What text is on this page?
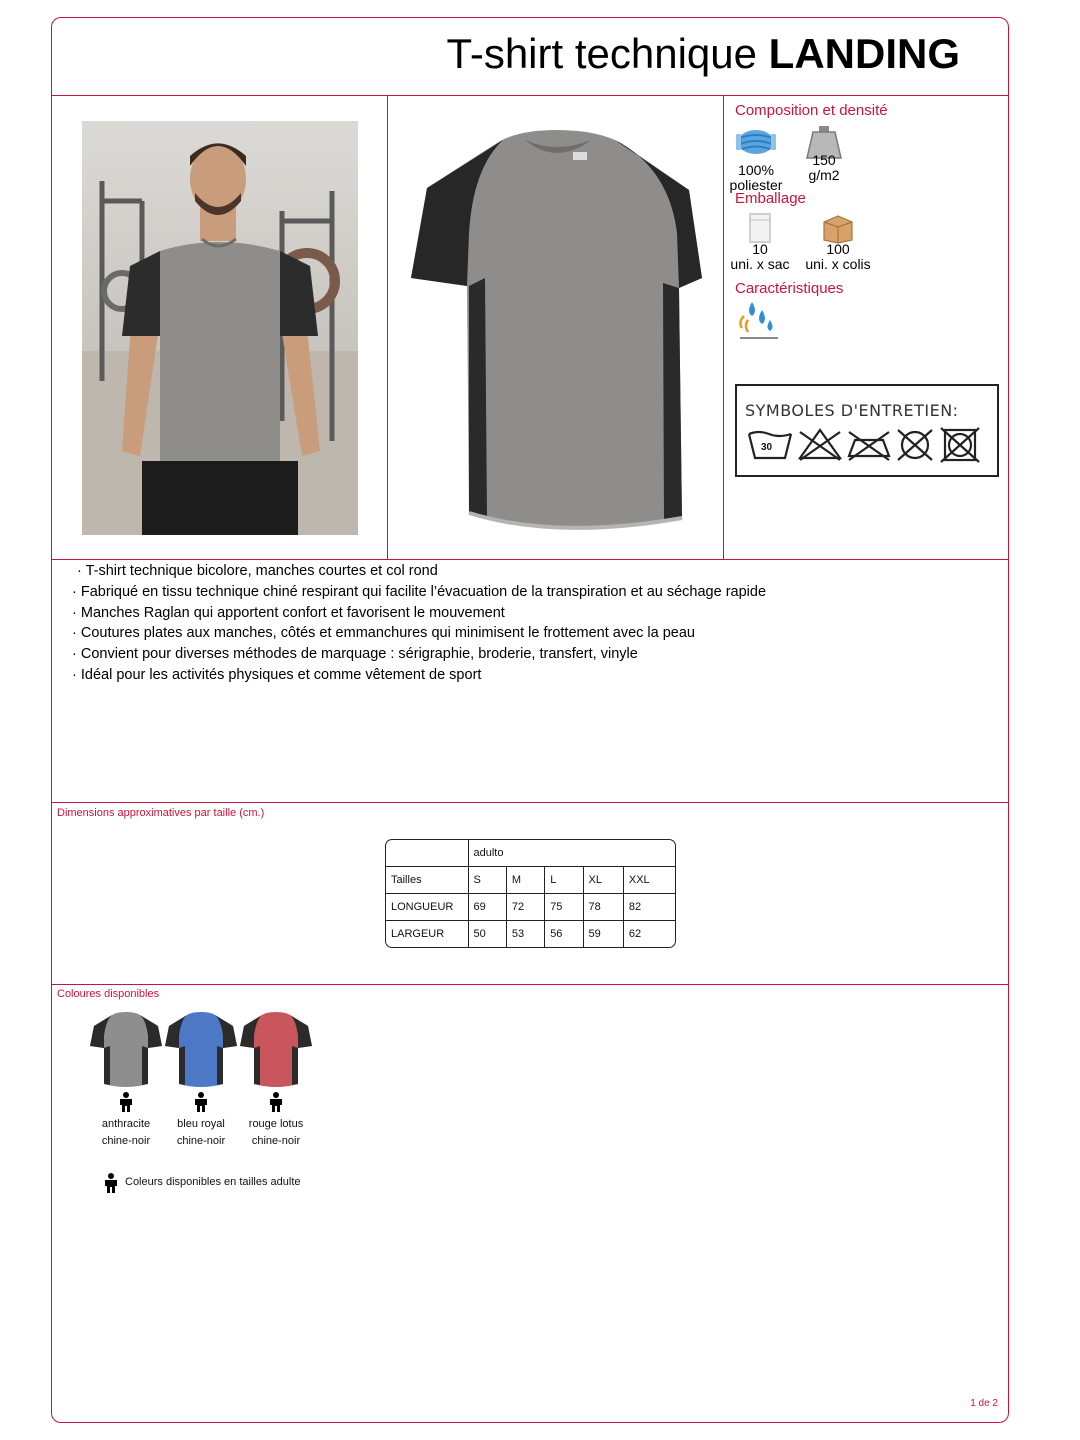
T-shirt technique LANDING
Composition et densité
100%
poliester
150
g/m2
Emballage
10
uni. x sac
100
uni. x colis
Caractéristiques
SYMBOLES D'ENTRETIEN:
30
· T-shirt technique bicolore, manches courtes et col rond
· Fabriqué en tissu technique chiné respirant qui facilite l’évacuation de la transpiration et au séchage rapide
· Manches Raglan qui apportent confort et favorisent le mouvement
· Coutures plates aux manches, côtés et emmanchures qui minimisent le frottement avec la peau
· Convient pour diverses méthodes de marquage : sérigraphie, broderie, transfert, vinyle
· Idéal pour les activités physiques et comme vêtement de sport
Dimensions approximatives par taille (cm.)
	adulto				
Tailles	S	M	L	XL	XXL
LONGUEUR	69	72	75	78	82
LARGEUR	50	53	56	59	62
Coloures disponibles
anthracite
chine-noir
bleu royal
chine-noir
rouge lotus
chine-noir
Coleurs disponibles en tailles adulte
1 de 2
